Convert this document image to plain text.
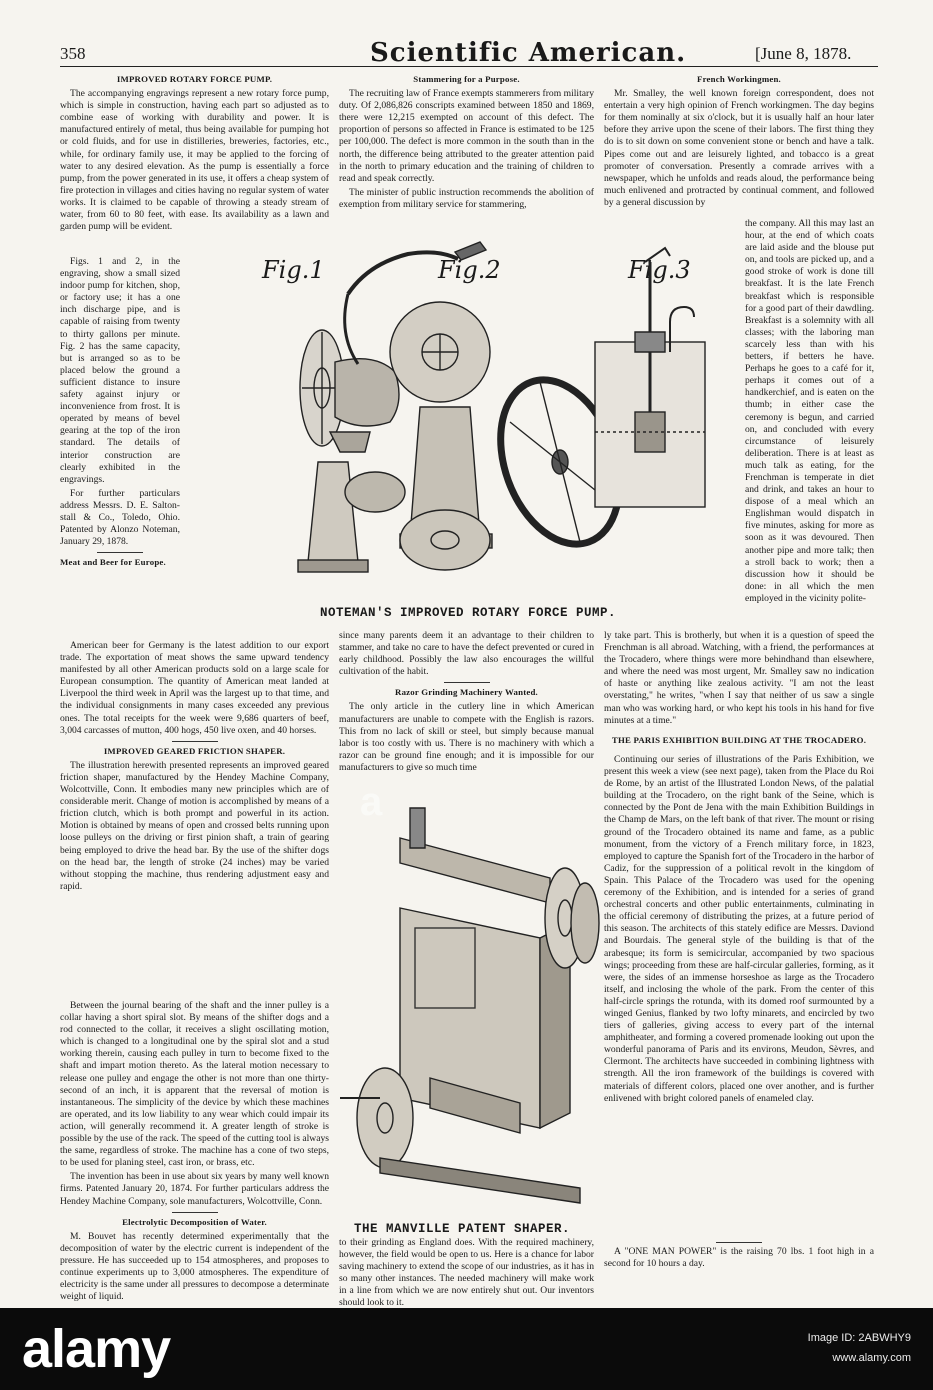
358	Scientific American.	[June 8, 1878.
IMPROVED ROTARY FORCE PUMP.

The accompanying engravings represent a new rotary force pump, which is simple in construction, having each part so adjusted as to combine ease of working with durability and power. It is manufactured entirely of metal, thus being available for pumping hot or cold fluids, and for use in distilleries, breweries, factories, etc., while, for ordinary family use, it may be applied to the forcing of water to any desired elevation. As the pump is essentially a force pump, from the power generated in its use, it offers a cheap system of fire protection in villages and cities having no regular system of water works. It is claimed to be capable of throwing a steady stream of water, from 60 to 80 feet, with ease. Its availability as a lawn and garden pump will be evident.

Figs. 1 and 2, in the engraving, show a small sized indoor pump for kitchen, shop, or factory use; it has a one inch discharge pipe, and is capable of raising from twenty to thirty gallons per minute. Fig. 2 has the same capacity, but is arranged so as to be placed below the ground a sufficient distance to insure safety against injury or inconvenience from frost. It is operated by means of bevel gearing at the top of the iron standard. The details of interior construction are clearly exhibited in the engravings.

For further particulars address Messrs. D. E. Salton-stall & Co., Toledo, Ohio. Patented by Alonzo Noteman, January 29, 1878.

Meat and Beer for Europe.

American beer for Germany is the latest addition to our export trade. The exportation of meat shows the same upward tendency manifested by all other American products sold on a large scale for European consumption. The quantity of American meat landed at Liverpool the third week in April was the largest up to that time, and the individual consignments in many cases exceeded any previous ones. The total receipts for the week were 9,686 quarters of beef, 3,004 carcasses of mutton, 400 hogs, 450 live oxen, and 40 horses.

IMPROVED GEARED FRICTION SHAPER.

The illustration herewith presented represents an improved geared friction shaper, manufactured by the Hendey Machine Company, Wolcottville, Conn. It embodies many new principles which are of considerable merit. Change of motion is accomplished by means of a friction clutch, which is both prompt and powerful in its action. Motion is obtained by means of open and crossed belts running upon loose pulleys on the driving or first pinion shaft, a train of gearing being employed to drive the head bar. By the use of the shifter dogs on the head bar, the length of stroke (24 inches) may be varied without stopping the machine, thus rendering adjustment easy and rapid.

Between the journal bearing of the shaft and the inner pulley is a collar having a short spiral slot. By means of the shifter dogs and a rod connected to the collar, it receives a slight oscillating motion, which is changed to a longitudinal one by the spiral slot and a stud working therein, causing each pulley in turn to become fixed to the shaft and impart motion thereto. As the lateral motion necessary to release one pulley and engage the other is not more than one thirty-second of an inch, it is apparent that the reversal of motion is instantaneous. The simplicity of the device by which these machines are operated, and its low liability to any wear which could impair its action, will generally recommend it. A greater length of stroke is possible by the use of the rack. The speed of the cutting tool is always the same, regardless of stroke. The machine has a cone of two steps, to be used for planing steel, cast iron, or brass, etc.

The invention has been in use about six years by many well known firms. Patented January 20, 1874. For further particulars address the Hendey Machine Company, sole manufacturers, Wolcottville, Conn.

Electrolytic Decomposition of Water.

M. Bouvet has recently determined experimentally that the decomposition of water by the electric current is independent of the pressure. He has succeeded up to 154 atmospheres, and proposes to continue experiments up to 3,000 atmospheres. The expenditure of electricity is the same under all pressures to decompose a determinate weight of liquid.

Stammering for a Purpose.

The recruiting law of France exempts stammerers from military duty. Of 2,086,826 conscripts examined between 1850 and 1869, there were 12,215 exempted on account of this defect. The proportion of persons so affected in France is estimated to be 125 per 100,000. The defect is more common in the south than in the north, the difference being attributed to the greater attention paid in the north to primary education and the training of children to read and speak correctly.

The minister of public instruction recommends the abolition of exemption from military service for stammering,

since many parents deem it an advantage to their children to stammer, and take no care to have the defect prevented or cured in early childhood. Possibly the law also encourages the willful cultivation of the habit.

Razor Grinding Machinery Wanted.

The only article in the cutlery line in which American manufacturers are unable to compete with the English is razors. This from no lack of skill or steel, but simply because manual labor is too costly with us. There is no machinery with which a razor can be ground fine enough; and it is impossible for our manufacturers to give so much time

to their grinding as England does. With the required machinery, however, the field would be open to us. Here is a chance for labor saving machinery to extend the scope of our industries, as it has in so many other instances. The needed machinery will make work in a line from which we are now entirely shut out. Our inventors should look to it.

French Workingmen.

Mr. Smalley, the well known foreign correspondent, does not entertain a very high opinion of French workingmen. The day begins for them nominally at six o'clock, but it is usually half an hour later before they arrive upon the scene of their labors. The first thing they do is to sit down on some convenient stone or bench and have a talk. Pipes come out and are leisurely lighted, and tobacco is a great promoter of conversation. Presently a comrade arrives with a newspaper, which he unfolds and reads aloud, the performance being much enlivened and protracted by continual comment, and followed by a general discussion by

the company. All this may last an hour, at the end of which coats are laid aside and the blouse put on, and tools are picked up, and a good stroke of work is done till breakfast. It is the late French breakfast which is responsible for a good part of their dawdling. Breakfast is a solemnity with all classes; with the laboring man scarcely less than with his betters, if betters he have. Perhaps he goes to a café for it, perhaps it comes out of a handkerchief, and is eaten on the thumb; in either case the ceremony is begun, and carried on, and concluded with every circumstance of leisurely deliberation. There is at least as much talk as eating, for the Frenchman is temperate in diet and drink, and takes an hour to dispose of a meal which an Englishman would dispatch in five minutes, asking for more as soon as it was devoured. Then another pipe and more talk; then a stroll back to work; then a discussion how it should be done: in all which the men employed in the vicinity polite-

ly take part. This is brotherly, but when it is a question of speed the Frenchman is all abroad. Watching, with a friend, the performances at the Trocadero, where things were more behindhand than elsewhere, and where the need was most urgent, Mr. Smalley saw no indication of haste or anything like zealous activity. "I am not the least overstating," he writes, "when I say that neither of us saw a single man who was working hard, or who kept his tools in his hand for five minutes at a time."

THE PARIS EXHIBITION BUILDING AT THE TROCADERO.

Continuing our series of illustrations of the Paris Exhibition, we present this week a view (see next page), taken from the Place du Roi de Rome, by an artist of the Illustrated London News, of the palatial building at the Trocadero, on the right bank of the Seine, which is connected by the Pont de Jena with the main Exhibition Buildings in the Champ de Mars, on the left bank of that river. The mount or rising ground of the Trocadero obtained its name and fame, as a public monument, from the victory of a French military force, in 1823, employed to capture the Spanish fort of the Trocadero in the harbor of Cadiz, for the suppression of a political revolt in the kingdom of Spain. This Palace of the Trocadero was used for the opening ceremony of the Exhibition, and is intended for a series of grand orchestral concerts and other public entertainments, culminating in the official ceremony of distributing the prizes, at a future period of this season. The architects of this stately edifice are Messrs. Daviond and Bourdais. The general style of the building is that of the arabesque; its form is semicircular, accompanied by two spacious wings; proceeding from these are half-circular galleries, forming, as it were, the sides of an immense horseshoe as large as the Trocadero itself, and inclosing the whole of the park. From the center of this half-circle springs the rotunda, with its domed roof surmounted by a winged Genius, flanked by two lofty minarets, and encircled by two tiers of galleries, giving access to every part of the internal amphitheater, and forming a covered promenade looking out upon the wonderful panorama of Paris and its environs, Meudon, Sèvres, and Clermont. The architects have succeeded in combining lightness with strength. All the iron framework of the buildings is covered with materials of different colors, placed one over another, and is further enlivened with bright colored panels of enameled clay.

A "ONE MAN POWER" is the raising 70 lbs. 1 foot high in a second for 10 hours a day.

Fig.1	Fig.2	Fig.3
NOTEMAN'S IMPROVED ROTARY FORCE PUMP.
THE MANVILLE PATENT SHAPER.
a
alamy	Image ID: 2ABWHY9
www.alamy.com
